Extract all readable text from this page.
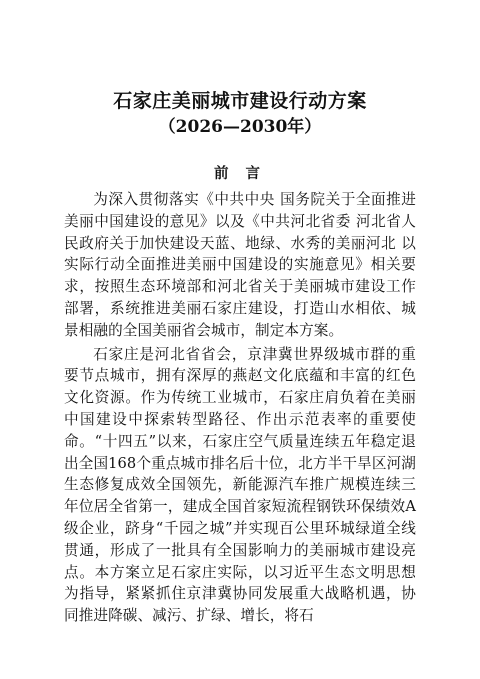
石家庄美丽城市建设行动方案
（2026—2030年）
前 言

为深入贯彻落实《中共中央 国务院关于全面推进美丽中国建设的意见》以及《中共河北省委 河北省人民政府关于加快建设天蓝、地绿、水秀的美丽河北 以实际行动全面推进美丽中国建设的实施意见》相关要求，按照生态环境部和河北省关于美丽城市建设工作部署，系统推进美丽石家庄建设，打造山水相依、城景相融的全国美丽省会城市，制定本方案。

石家庄是河北省省会，京津冀世界级城市群的重要节点城市，拥有深厚的燕赵文化底蕴和丰富的红色文化资源。作为传统工业城市，石家庄肩负着在美丽中国建设中探索转型路径、作出示范表率的重要使命。“十四五”以来，石家庄空气质量连续五年稳定退出全国168个重点城市排名后十位，北方半干旱区河湖生态修复成效全国领先，新能源汽车推广规模连续三年位居全省第一，建成全国首家短流程钢铁环保绩效A级企业，跻身“千园之城”并实现百公里环城绿道全线贯通，形成了一批具有全国影响力的美丽城市建设亮点。本方案立足石家庄实际，以习近平生态文明思想为指导，紧紧抓住京津冀协同发展重大战略机遇，协同推进降碳、减污、扩绿、增长，将石
